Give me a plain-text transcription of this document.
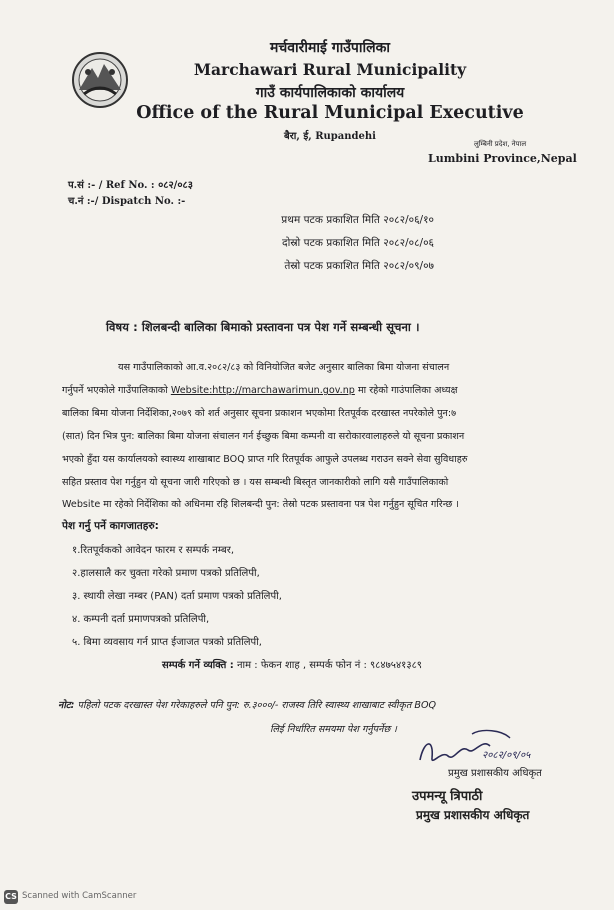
मर्चवारीमाई गाउँपालिका
Marchawari Rural Municipality
गाउँ कार्यपालिकाको कार्यालय
Office of the Rural Municipal Executive
बैरा, ई, Rupandehi
लुम्बिनी प्रदेश, नेपाल
Lumbini Province,Nepal
प.सं :- / Ref No. : ०८२/०८३
च.नं :-/ Dispatch No. :-
प्रथम पटक प्रकाशित मिति २०८२/०६/१०
दोस्रो पटक प्रकाशित मिति २०८२/०८/०६
तेस्रो पटक प्रकाशित मिति २०८२/०९/०७
विषय : शिलबन्दी बालिका बिमाको प्रस्तावना पत्र पेश गर्ने सम्बन्धी सूचना ।
यस गाउँपालिकाको आ.व.२०८२/८३ को विनियोजित बजेट अनुसार बालिका बिमा योजना संचालन
गर्नुपर्ने भएकोले गाउँपालिकाको Website:http://marchawarimun.gov.np मा रहेको गाउंपालिका अध्यक्ष
बालिका बिमा योजना निर्देशिका,२०७९ को शर्त अनुसार सूचना प्रकाशन भएकोमा रितपूर्वक दरखास्त नपरेकोले पुन:७
(सात) दिन भित्र पुन: बालिका बिमा योजना संचालन गर्न ईच्छुक बिमा कम्पनी वा सरोकारवालाहरुले यो सूचना प्रकाशन
भएको हुँदा यस कार्यालयको स्वास्थ्य शाखाबाट BOQ प्राप्त गरि रितपूर्वक आफुले उपलब्ध गराउन सक्ने सेवा सुविधाहरु
सहित प्रस्ताव पेश गर्नुहुन यो सूचना जारी गरिएको छ । यस सम्बन्धी बिस्तृत जानकारीको लागि यसै गाउँपालिकाको
Website मा रहेको निर्देशिका को अधिनमा रहि शिलबन्दी पुन: तेस्रो पटक प्रस्तावना पत्र पेश गर्नुहुन सूचित गरिन्छ ।
पेश गर्नु पर्ने कागजातहरु:
१.रितपूर्वकको आवेदन फारम र सम्पर्क नम्बर,
२.हालसालै कर चुक्ता गरेको प्रमाण पत्रको प्रतिलिपी,
३. स्थायी लेखा नम्बर (PAN) दर्ता प्रमाण पत्रको प्रतिलिपी,
४. कम्पनी दर्ता प्रमाणपत्रको प्रतिलिपी,
५. बिमा व्यवसाय गर्न प्राप्त ईजाजत पत्रको प्रतिलिपी,
सम्पर्क गर्ने व्यक्ति : नाम : फेकन शाह , सम्पर्क फोन नं : ९८४७५४१३८९
नोट: पहिलो पटक दरखास्त पेश गरेकाहरुले पनि पुन: रु.३०००/- राजस्व तिरि स्वास्थ्य शाखाबाट स्वीकृत BOQ
लिई निर्धारित समयमा पेश गर्नुपर्नेछ ।
२०८२/०९/०५
प्रमुख प्रशासकीय अधिकृत
उपमन्यू त्रिपाठी
प्रमुख प्रशासकीय अधिकृत
CS Scanned with CamScanner
